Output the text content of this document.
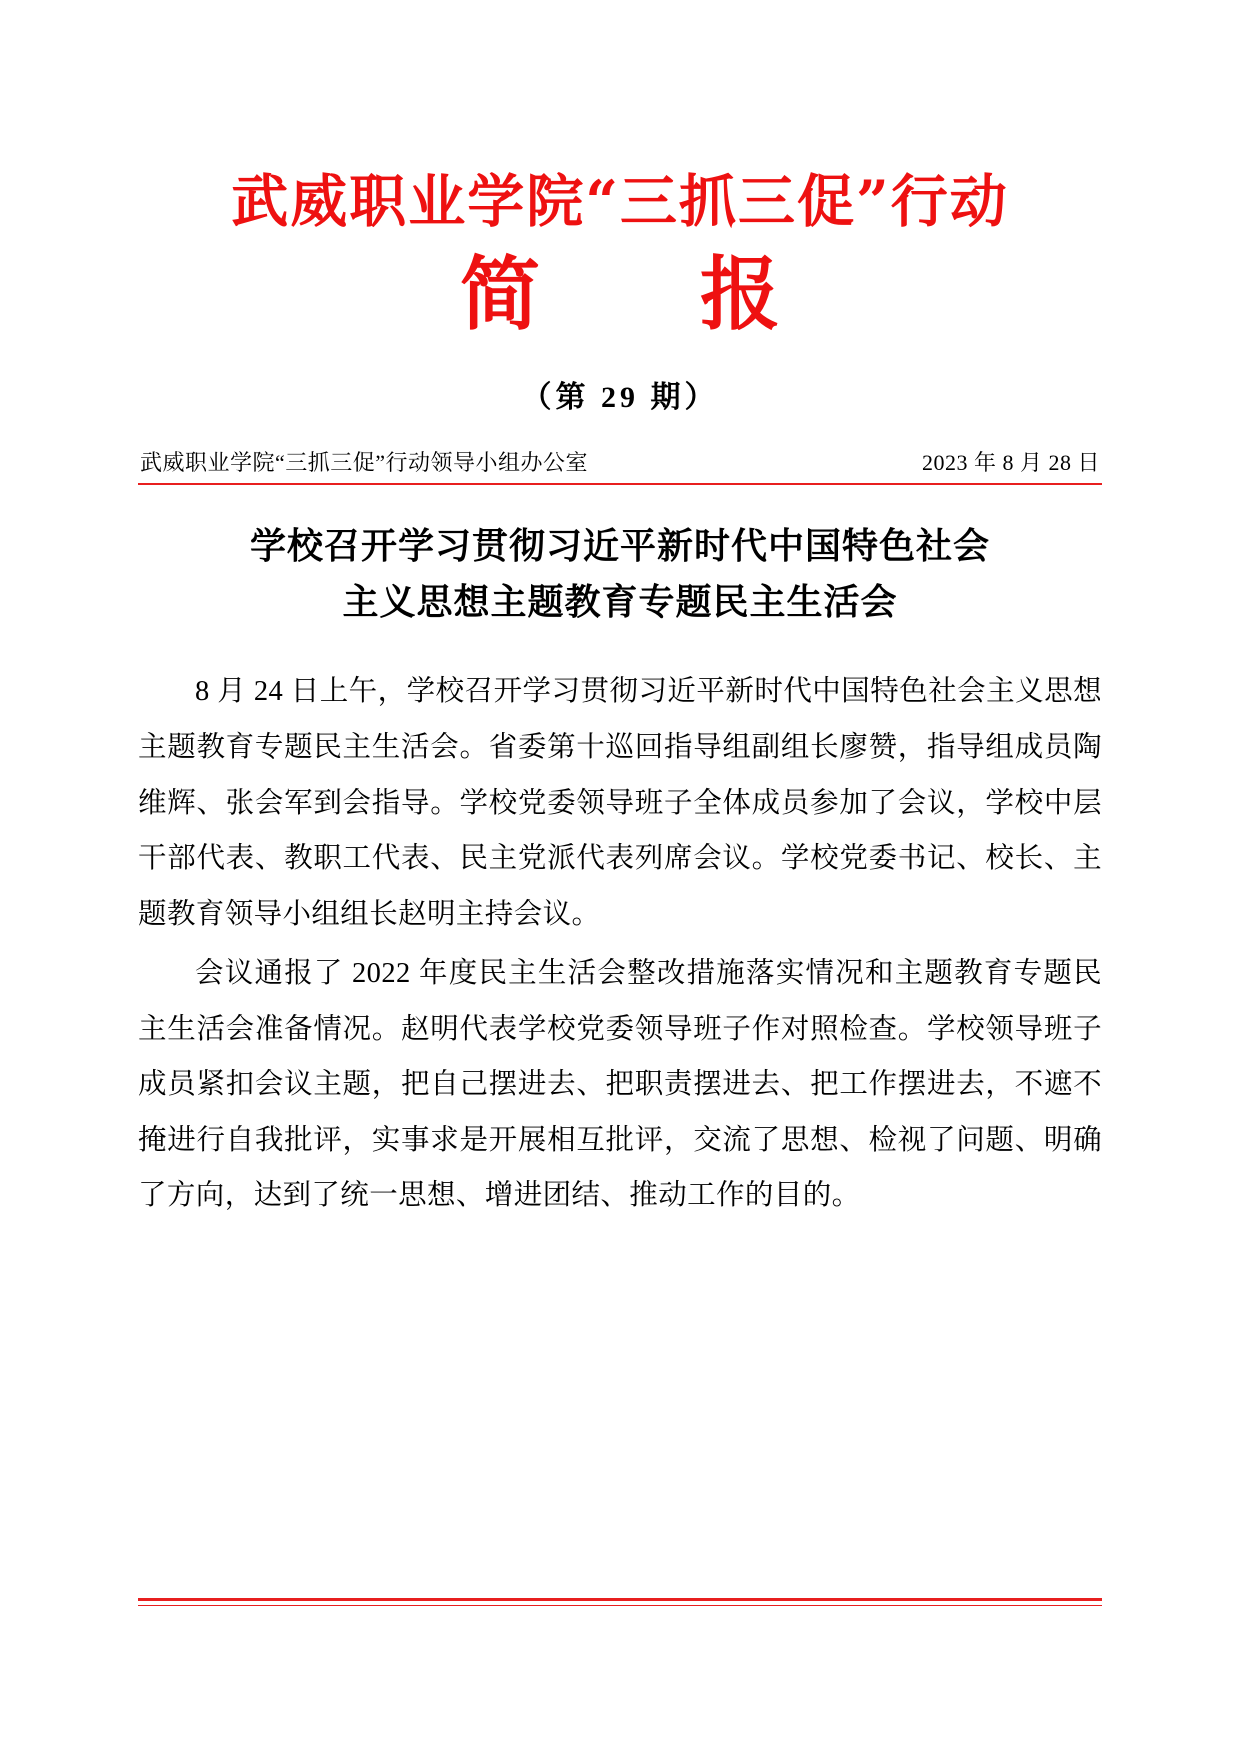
武威职业学院“三抓三促”行动
简　报
（第 29 期）
武威职业学院“三抓三促”行动领导小组办公室	2023 年 8 月 28 日
学校召开学习贯彻习近平新时代中国特色社会
主义思想主题教育专题民主生活会

8 月 24 日上午，学校召开学习贯彻习近平新时代中国特色社会主义思想主题教育专题民主生活会。省委第十巡回指导组副组长廖赞，指导组成员陶维辉、张会军到会指导。学校党委领导班子全体成员参加了会议，学校中层干部代表、教职工代表、民主党派代表列席会议。学校党委书记、校长、主题教育领导小组组长赵明主持会议。

会议通报了 2022 年度民主生活会整改措施落实情况和主题教育专题民主生活会准备情况。赵明代表学校党委领导班子作对照检查。学校领导班子成员紧扣会议主题，把自己摆进去、把职责摆进去、把工作摆进去，不遮不掩进行自我批评，实事求是开展相互批评，交流了思想、检视了问题、明确了方向，达到了统一思想、增进团结、推动工作的目的。
